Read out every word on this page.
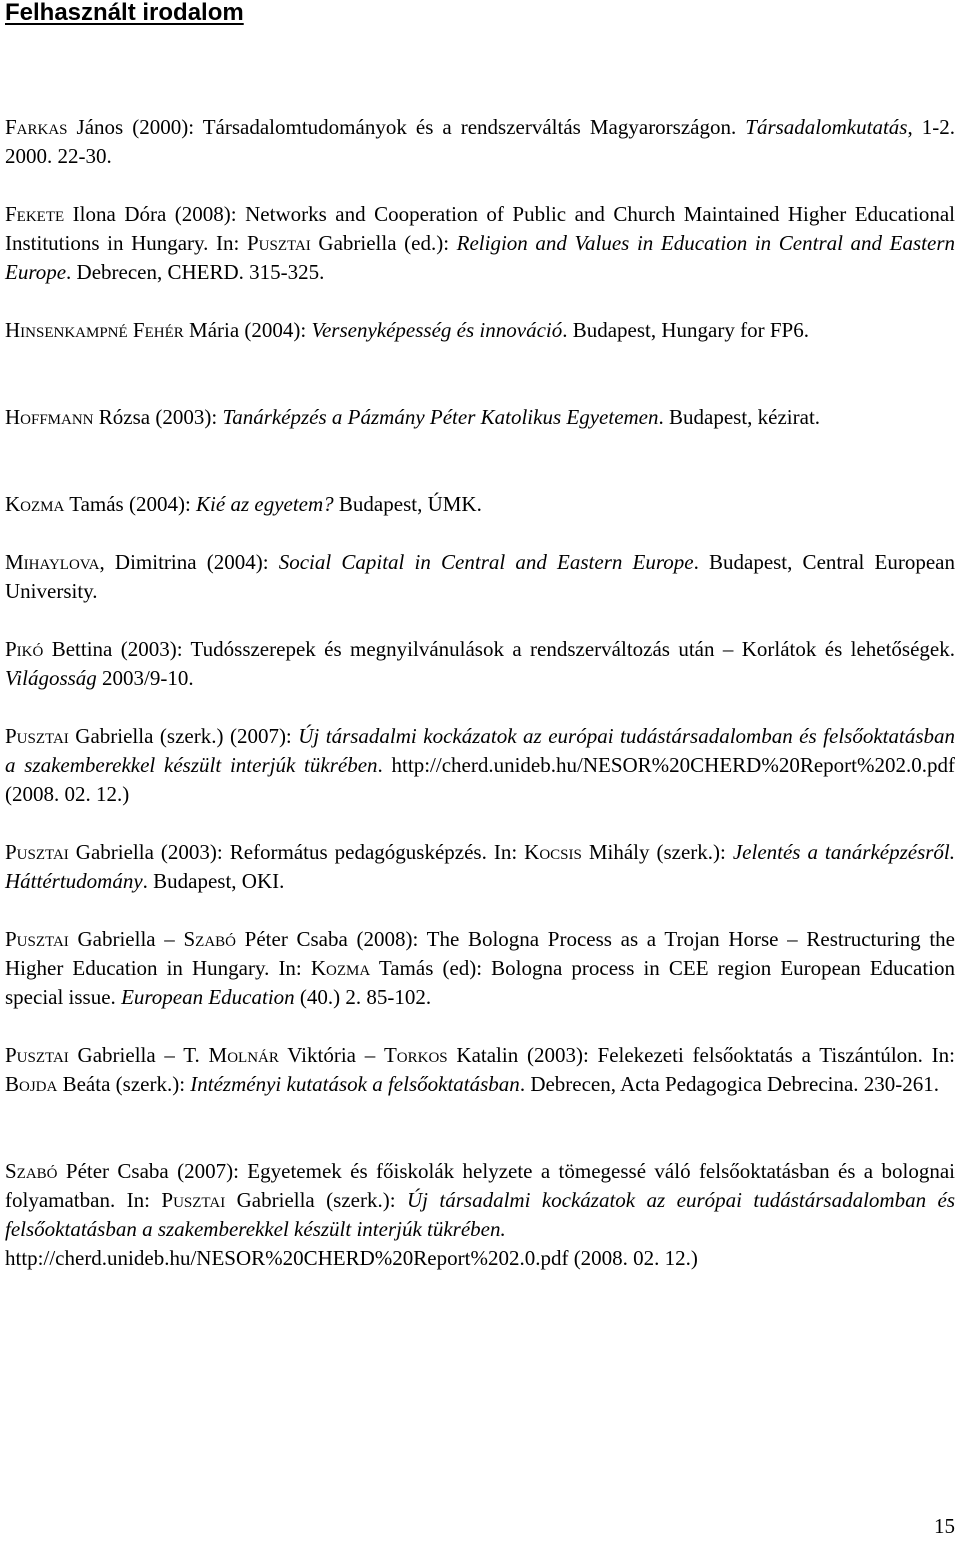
Felhasznált irodalom

Farkas János (2000): Társadalomtudományok és a rendszerváltás Magyarországon. Társadalomkutatás, 1-2. 2000. 22-30.

Fekete Ilona Dóra (2008): Networks and Cooperation of Public and Church Maintained Higher Educational Institutions in Hungary. In: Pusztai Gabriella (ed.): Religion and Values in Education in Central and Eastern Europe. Debrecen, CHERD. 315-325.

Hinsenkampné Fehér Mária (2004): Versenyképesség és innováció. Budapest, Hungary for FP6.

Hoffmann Rózsa (2003): Tanárképzés a Pázmány Péter Katolikus Egyetemen. Budapest, kézirat.

Kozma Tamás (2004): Kié az egyetem? Budapest, ÚMK.

Mihaylova, Dimitrina (2004): Social Capital in Central and Eastern Europe. Budapest, Central European University.

Pikó Bettina (2003): Tudósszerepek és megnyilvánulások a rendszerváltozás után – Korlátok és lehetőségek. Világosság 2003/9-10.

Pusztai Gabriella (szerk.) (2007): Új társadalmi kockázatok az európai tudástársadalomban és felsőoktatásban a szakemberekkel készült interjúk tükrében. http://cherd.unideb.hu/NESOR%20CHERD%20Report%202.0.pdf (2008. 02. 12.)

Pusztai Gabriella (2003): Református pedagógusképzés. In: Kocsis Mihály (szerk.): Jelentés a tanárképzésről. Háttértudomány. Budapest, OKI.

Pusztai Gabriella – Szabó Péter Csaba (2008): The Bologna Process as a Trojan Horse – Restructuring the Higher Education in Hungary. In: Kozma Tamás (ed): Bologna process in CEE region European Education special issue. European Education (40.) 2. 85-102.

Pusztai Gabriella – T. Molnár Viktória – Torkos Katalin (2003): Felekezeti felsőoktatás a Tiszántúlon. In: Bojda Beáta (szerk.): Intézményi kutatások a felsőoktatásban. Debrecen, Acta Pedagogica Debrecina. 230-261.

Szabó Péter Csaba (2007): Egyetemek és főiskolák helyzete a tömegessé váló felsőoktatásban és a bolognai folyamatban. In: Pusztai Gabriella (szerk.): Új társadalmi kockázatok az európai tudástársadalomban és felsőoktatásban a szakemberekkel készült interjúk tükrében.
http://cherd.unideb.hu/NESOR%20CHERD%20Report%202.0.pdf (2008. 02. 12.)

15
